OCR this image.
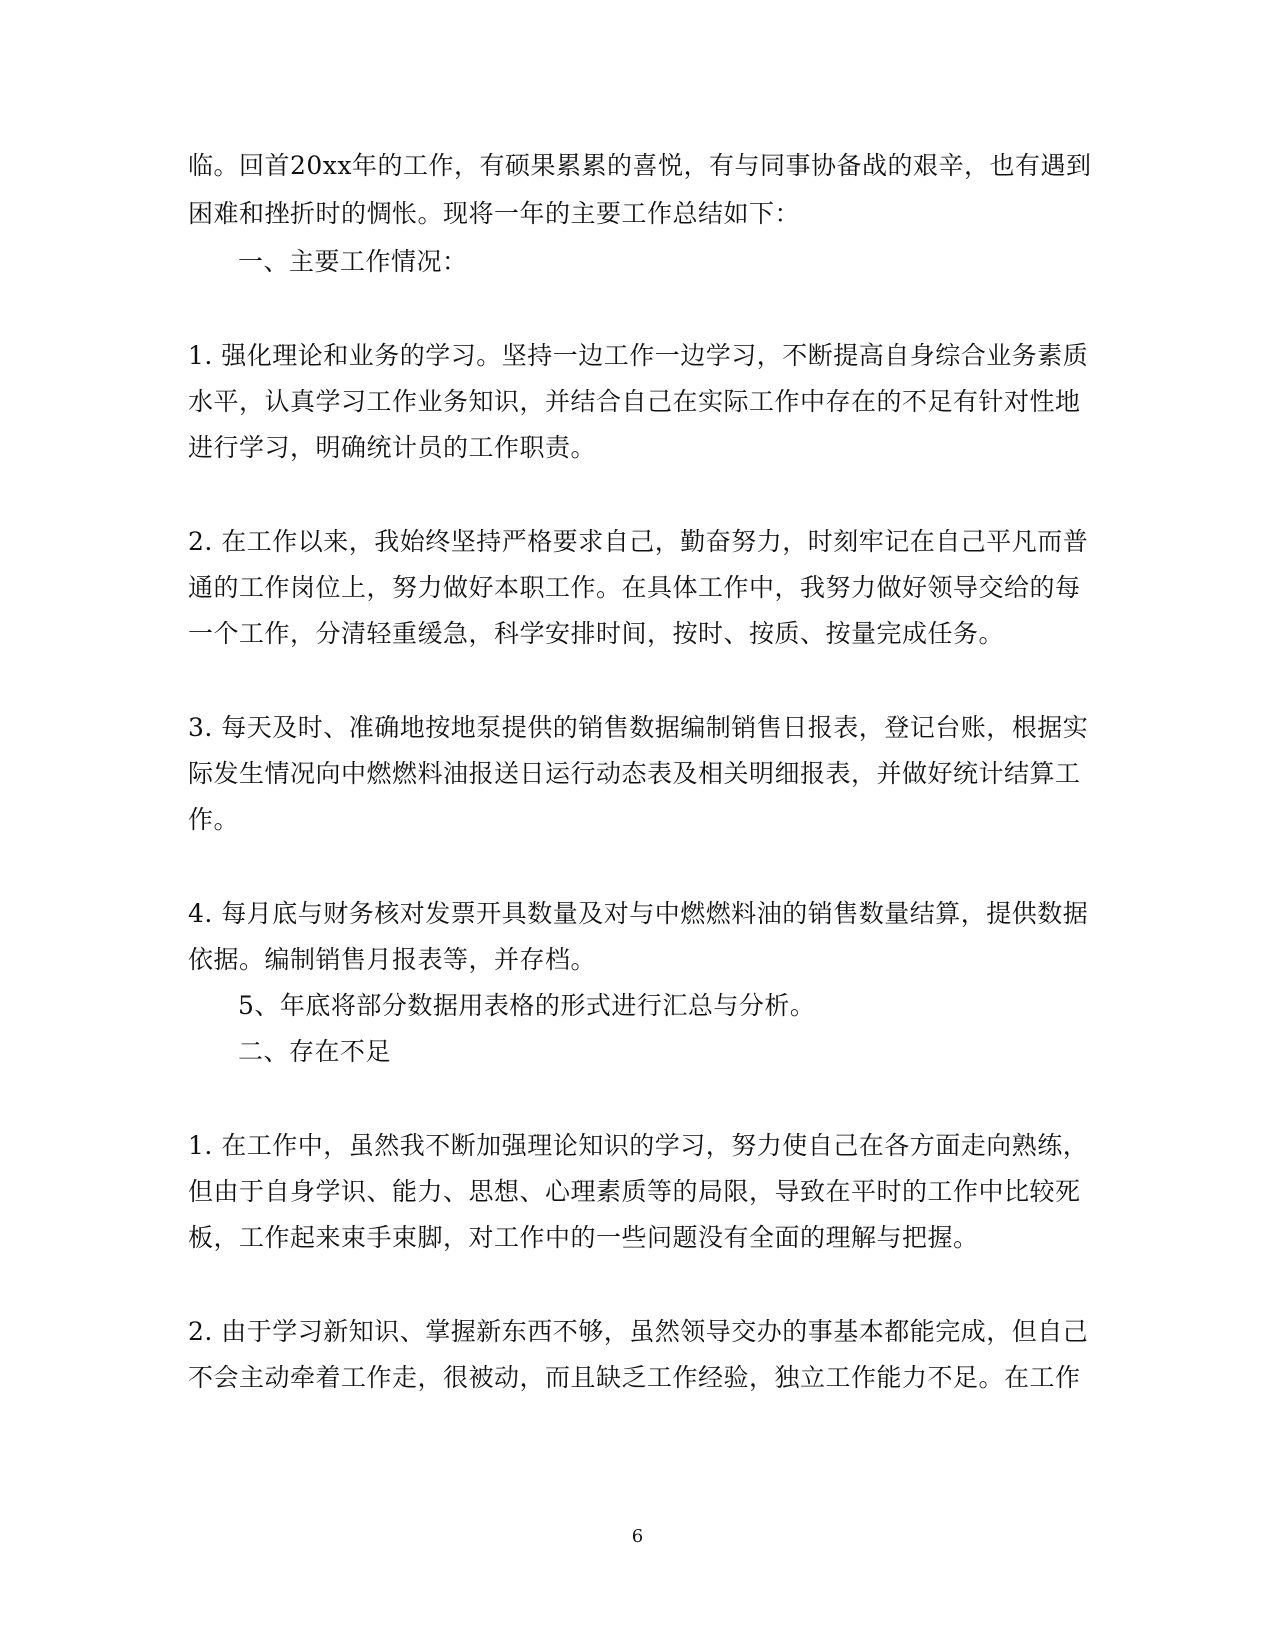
临。回首20xx年的工作，有硕果累累的喜悦，有与同事协备战的艰辛，也有遇到
困难和挫折时的惆怅。现将一年的主要工作总结如下：
一、主要工作情况：
1. 强化理论和业务的学习。坚持一边工作一边学习，不断提高自身综合业务素质
水平，认真学习工作业务知识，并结合自己在实际工作中存在的不足有针对性地
进行学习，明确统计员的工作职责。
2. 在工作以来，我始终坚持严格要求自己，勤奋努力，时刻牢记在自己平凡而普
通的工作岗位上，努力做好本职工作。在具体工作中，我努力做好领导交给的每
一个工作，分清轻重缓急，科学安排时间，按时、按质、按量完成任务。
3. 每天及时、准确地按地泵提供的销售数据编制销售日报表，登记台账，根据实
际发生情况向中燃燃料油报送日运行动态表及相关明细报表，并做好统计结算工
作。
4. 每月底与财务核对发票开具数量及对与中燃燃料油的销售数量结算，提供数据
依据。编制销售月报表等，并存档。
5、年底将部分数据用表格的形式进行汇总与分析。
二、存在不足
1. 在工作中，虽然我不断加强理论知识的学习，努力使自己在各方面走向熟练，
但由于自身学识、能力、思想、心理素质等的局限，导致在平时的工作中比较死
板，工作起来束手束脚，对工作中的一些问题没有全面的理解与把握。
2. 由于学习新知识、掌握新东西不够，虽然领导交办的事基本都能完成，但自己
不会主动牵着工作走，很被动，而且缺乏工作经验，独立工作能力不足。在工作
6
